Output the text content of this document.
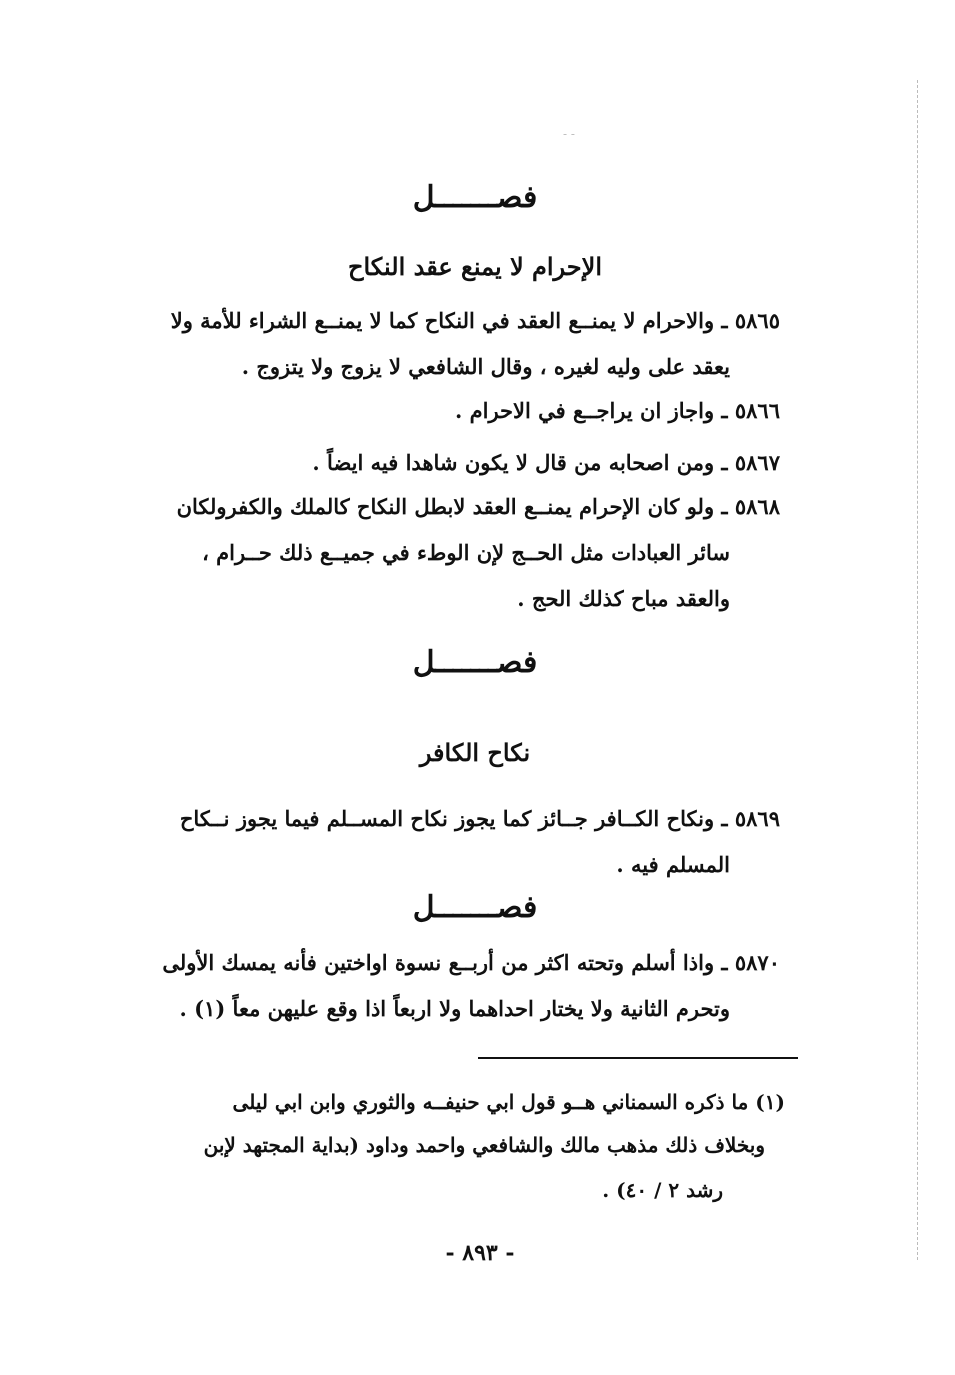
- -
فصـــــــل
الإحرام لا يمنع عقد النكاح
٥٨٦٥ ـ والاحرام لا يمنــع العقد في النكاح كما لا يمنــع الشراء للأمة ولا
يعقد على وليه لغيره ، وقال الشافعي لا يزوج ولا يتزوج .
٥٨٦٦ ـ واجاز ان يراجــع في الاحرام .
٥٨٦٧ ـ ومن اصحابه من قال لا يكون شاهدا فيه ايضاً .
٥٨٦٨ ـ ولو كان الإحرام يمنــع العقد لابطل النكاح كالملك والكفرولكان
سائر العبادات مثل الحــج لإن الوطء في جميــع ذلك حــرام ،
والعقد مباح كذلك الحج .
فصـــــــل
نكاح الكافر
٥٨٦٩ ـ ونكاح الكــافر جــائز كما يجوز نكاح المســلم فيما يجوز نــكاح
المسلم فيه .
فصـــــــل
٥٨٧٠ ـ واذا أسلم وتحته اكثر من أربــع نسوة اواختين فأنه يمسك الأولى
وتحرم الثانية ولا يختار احداهما ولا اربعاً اذا وقع عليهن معاً (١) .
(١) ما ذكره السمناني هــو قول ابي حنيفــه والثوري وابن ابي ليلى
وبخلاف ذلك مذهب مالك والشافعي واحمد وداود (بداية المجتهد لإبن
رشد ٢ / ٤٠) .
- ٨٩٣ -
